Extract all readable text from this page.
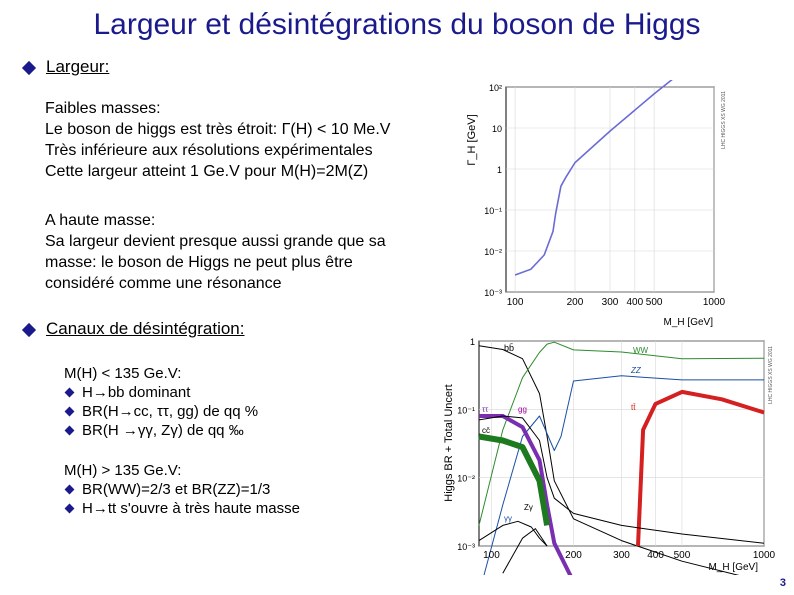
Largeur et désintégrations du boson de Higgs
Largeur:
Faibles masses:
Le boson de higgs est très étroit: Γ(H) < 10 Me.V
Très inférieure aux résolutions expérimentales
Cette largeur atteint 1 Ge.V pour M(H)=2M(Z)
A haute masse:
Sa largeur devient presque aussi grande que sa
masse: le boson de Higgs ne peut plus être
considéré comme une résonance
Canaux de désintégration:
M(H) < 135 Ge.V:
H→bb dominant
BR(H→cc, ττ, gg) de qq %
BR(H →γγ, Zγ) de qq ‰
M(H) > 135 Ge.V:
BR(WW)=2/3 et BR(ZZ)=1/3
H→tt s'ouvre à très haute masse
100	200 300 400 500	1000
10²
10
1
10⁻¹
10⁻²
10⁻³
Γ_H [GeV]
M_H [GeV]
LHC HIGGS XS WG 2011
100	200	300 400 500	1000
1
10⁻¹
10⁻²
10⁻³
Higgs BR + Total Uncert
M_H [GeV]
LHC HIGGS XS WG 2011
bb̄	WW
ZZ
tt̄
ττ	gg
cc̄
γγ
Zγ
3
